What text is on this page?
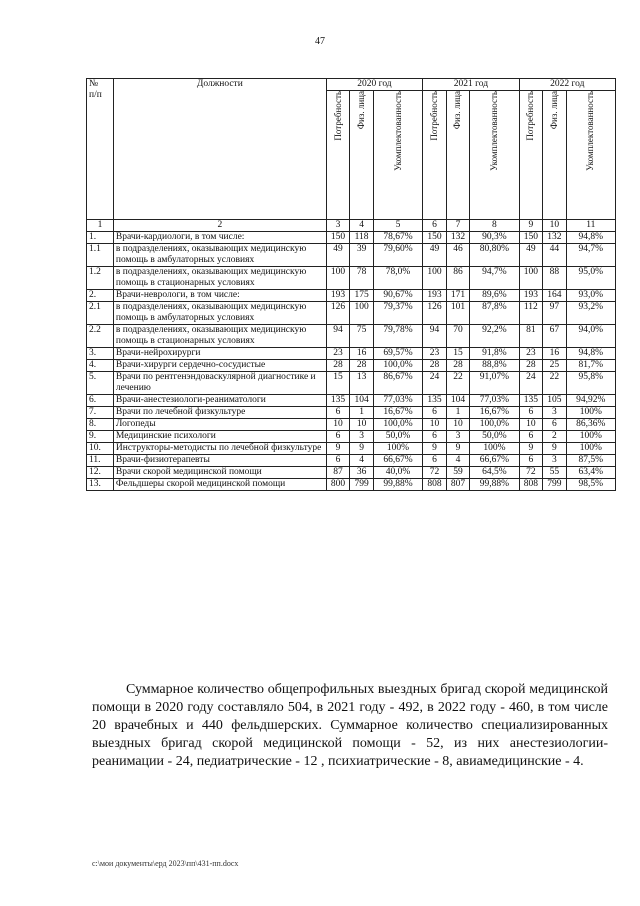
47
№
п/п	Должности	2020 год			2021 год			2022 год		
		Потребность	Физ. лица	Укомплектованность	Потребность	Физ. лица	Укомплектованность	Потребность	Физ. лица	Укомплектованность
1	2	3	4	5	6	7	8	9	10	11
1.	Врачи-кардиологи, в том числе:	150	118	78,67%	150	132	90,3%	150	132	94,8%
1.1	в подразделениях, оказывающих медицинскую помощь в амбулаторных условиях	49	39	79,60%	49	46	80,80%	49	44	94,7%
1.2	в подразделениях, оказывающих медицинскую помощь в стационарных условиях	100	78	78,0%	100	86	94,7%	100	88	95,0%
2.	Врачи-неврологи, в том числе:	193	175	90,67%	193	171	89,6%	193	164	93,0%
2.1	в подразделениях, оказывающих медицинскую помощь в амбулаторных условиях	126	100	79,37%	126	101	87,8%	112	97	93,2%
2.2	в подразделениях, оказывающих медицинскую помощь в стационарных условиях	94	75	79,78%	94	70	92,2%	81	67	94,0%
3.	Врачи-нейрохирурги	23	16	69,57%	23	15	91,8%	23	16	94,8%
4.	Врачи-хирурги сердечно-сосудистые	28	28	100,0%	28	28	88,8%	28	25	81,7%
5.	Врачи по рентгенэндоваскулярной диагностике и лечению	15	13	86,67%	24	22	91,07%	24	22	95,8%
6.	Врачи-анестезиологи-реаниматологи	135	104	77,03%	135	104	77,03%	135	105	94,92%
7.	Врачи по лечебной физкультуре	6	1	16,67%	6	1	16,67%	6	3	100%
8.	Логопеды	10	10	100,0%	10	10	100,0%	10	6	86,36%
9.	Медицинские психологи	6	3	50,0%	6	3	50,0%	6	2	100%
10.	Инструкторы-методисты по лечебной физкультуре	9	9	100%	9	9	100%	9	9	100%
11.	Врачи-физиотерапевты	6	4	66,67%	6	4	66,67%	6	3	87,5%
12.	Врачи скорой медицинской помощи	87	36	40,0%	72	59	64,5%	72	55	63,4%
13.	Фельдшеры скорой медицинской помощи	800	799	99,88%	808	807	99,88%	808	799	98,5%
Суммарное количество общепрофильных выездных бригад скорой медицинской помощи в 2020 году составляло 504, в 2021 году - 492, в 2022 году - 460, в том числе 20 врачебных и 440 фельдшерских. Суммарное количество специализированных выездных бригад скорой медицинской помощи - 52, из них анестезиологии-реанимации - 24, педиатрические - 12 , психиатрические - 8, авиамедицинские - 4.
c:\мои документы\ерд 2023\пп\431-пп.docx
